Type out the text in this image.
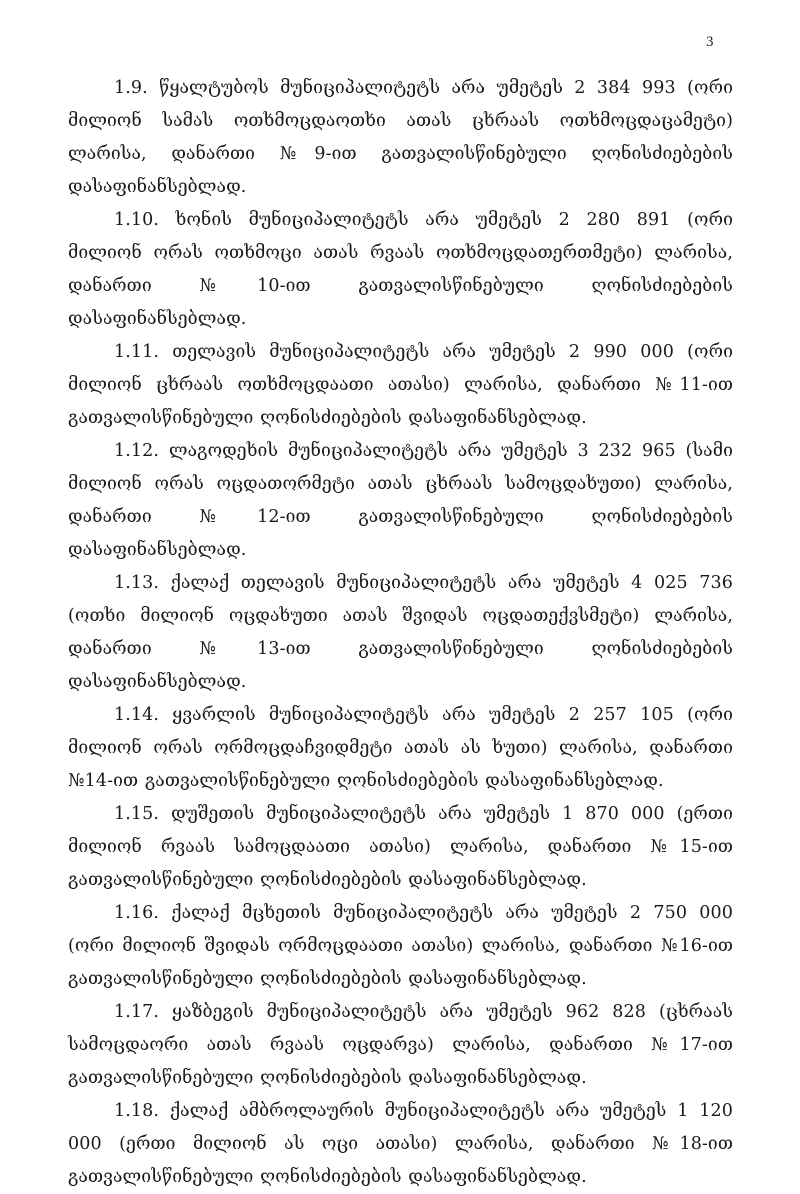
3

1.9. წყალტუბოს მუნიციპალიტეტს არა უმეტეს 2 384 993 (ორი მილიონ სამას ოთხმოცდაოთხი ათას ცხრაას ოთხმოცდაცამეტი) ლარისა, დანართი №9-ით გათვალისწინებული ღონისძიებების დასაფინანსებლად.

1.10. ხონის მუნიციპალიტეტს არა უმეტეს 2 280 891 (ორი მილიონ ორას ოთხმოცი ათას რვაას ოთხმოცდათერთმეტი) ლარისა, დანართი №10-ით გათვალისწინებული ღონისძიებების დასაფინანსებლად.

1.11. თელავის მუნიციპალიტეტს არა უმეტეს 2 990 000 (ორი მილიონ ცხრაას ოთხმოცდაათი ათასი) ლარისა, დანართი №11-ით გათვალისწინებული ღონისძიებების დასაფინანსებლად.

1.12. ლაგოდეხის მუნიციპალიტეტს არა უმეტეს 3 232 965 (სამი მილიონ ორას ოცდათორმეტი ათას ცხრაას სამოცდახუთი) ლარისა, დანართი №12-ით გათვალისწინებული ღონისძიებების დასაფინანსებლად.

1.13. ქალაქ თელავის მუნიციპალიტეტს არა უმეტეს 4 025 736 (ოთხი მილიონ ოცდახუთი ათას შვიდას ოცდათექვსმეტი) ლარისა, დანართი №13-ით გათვალისწინებული ღონისძიებების დასაფინანსებლად.

1.14. ყვარლის მუნიციპალიტეტს არა უმეტეს 2 257 105 (ორი მილიონ ორას ორმოცდაჩვიდმეტი ათას ას ხუთი) ლარისა, დანართი №14-ით გათვალისწინებული ღონისძიებების დასაფინანსებლად.

1.15. დუშეთის მუნიციპალიტეტს არა უმეტეს 1 870 000 (ერთი მილიონ რვაას სამოცდაათი ათასი) ლარისა, დანართი №15-ით გათვალისწინებული ღონისძიებების დასაფინანსებლად.

1.16. ქალაქ მცხეთის მუნიციპალიტეტს არა უმეტეს 2 750 000 (ორი მილიონ შვიდას ორმოცდაათი ათასი) ლარისა, დანართი №16-ით გათვალისწინებული ღონისძიებების დასაფინანსებლად.

1.17. ყაზბეგის მუნიციპალიტეტს არა უმეტეს 962 828 (ცხრაას სამოცდაორი ათას რვაას ოცდარვა) ლარისა, დანართი №17-ით გათვალისწინებული ღონისძიებების დასაფინანსებლად.

1.18. ქალაქ ამბროლაურის მუნიციპალიტეტს არა უმეტეს 1 120 000 (ერთი მილიონ ას ოცი ათასი) ლარისა, დანართი №18-ით გათვალისწინებული ღონისძიებების დასაფინანსებლად.
